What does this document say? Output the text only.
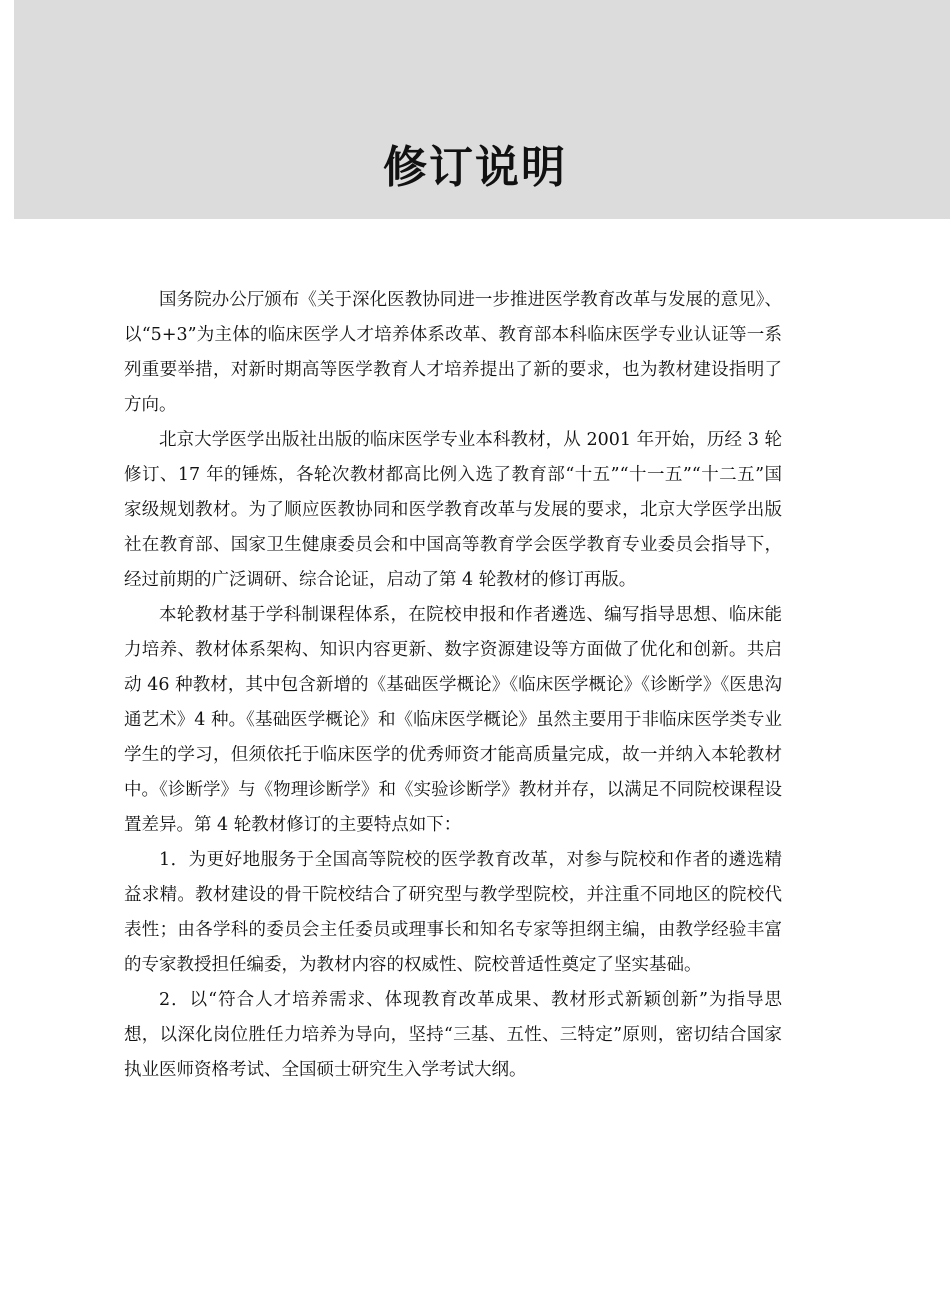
修订说明

国务院办公厅颁布《关于深化医教协同进一步推进医学教育改革与发展的意见》、以“5+3”为主体的临床医学人才培养体系改革、教育部本科临床医学专业认证等一系列重要举措，对新时期高等医学教育人才培养提出了新的要求，也为教材建设指明了方向。

北京大学医学出版社出版的临床医学专业本科教材，从 2001 年开始，历经 3 轮修订、17 年的锤炼，各轮次教材都高比例入选了教育部“十五”“十一五”“十二五”国家级规划教材。为了顺应医教协同和医学教育改革与发展的要求，北京大学医学出版社在教育部、国家卫生健康委员会和中国高等教育学会医学教育专业委员会指导下，经过前期的广泛调研、综合论证，启动了第 4 轮教材的修订再版。

本轮教材基于学科制课程体系，在院校申报和作者遴选、编写指导思想、临床能力培养、教材体系架构、知识内容更新、数字资源建设等方面做了优化和创新。共启动 46 种教材，其中包含新增的《基础医学概论》《临床医学概论》《诊断学》《医患沟通艺术》4 种。《基础医学概论》和《临床医学概论》虽然主要用于非临床医学类专业学生的学习，但须依托于临床医学的优秀师资才能高质量完成，故一并纳入本轮教材中。《诊断学》与《物理诊断学》和《实验诊断学》教材并存，以满足不同院校课程设置差异。第 4 轮教材修订的主要特点如下：

1．为更好地服务于全国高等院校的医学教育改革，对参与院校和作者的遴选精益求精。教材建设的骨干院校结合了研究型与教学型院校，并注重不同地区的院校代表性；由各学科的委员会主任委员或理事长和知名专家等担纲主编，由教学经验丰富的专家教授担任编委，为教材内容的权威性、院校普适性奠定了坚实基础。

2．以“符合人才培养需求、体现教育改革成果、教材形式新颖创新”为指导思想，以深化岗位胜任力培养为导向，坚持“三基、五性、三特定”原则，密切结合国家执业医师资格考试、全国硕士研究生入学考试大纲。
